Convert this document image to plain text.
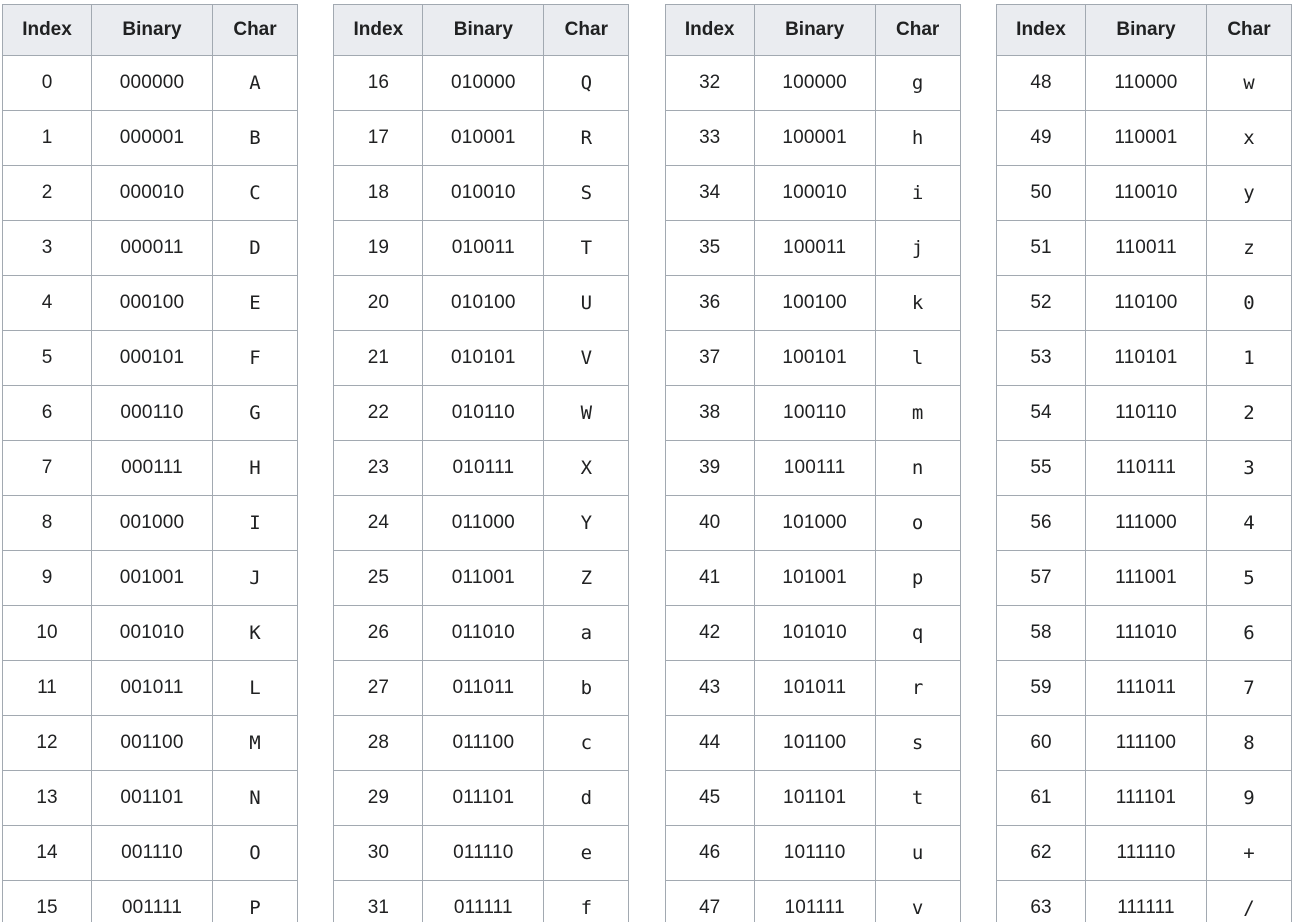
Index	Binary	Char
0	000000	A
1	000001	B
2	000010	C
3	000011	D
4	000100	E
5	000101	F
6	000110	G
7	000111	H
8	001000	I
9	001001	J
10	001010	K
11	001011	L
12	001100	M
13	001101	N
14	001110	O
15	001111	P
Index	Binary	Char
16	010000	Q
17	010001	R
18	010010	S
19	010011	T
20	010100	U
21	010101	V
22	010110	W
23	010111	X
24	011000	Y
25	011001	Z
26	011010	a
27	011011	b
28	011100	c
29	011101	d
30	011110	e
31	011111	f
Index	Binary	Char
32	100000	g
33	100001	h
34	100010	i
35	100011	j
36	100100	k
37	100101	l
38	100110	m
39	100111	n
40	101000	o
41	101001	p
42	101010	q
43	101011	r
44	101100	s
45	101101	t
46	101110	u
47	101111	v
Index	Binary	Char
48	110000	w
49	110001	x
50	110010	y
51	110011	z
52	110100	0
53	110101	1
54	110110	2
55	110111	3
56	111000	4
57	111001	5
58	111010	6
59	111011	7
60	111100	8
61	111101	9
62	111110	+
63	111111	/
